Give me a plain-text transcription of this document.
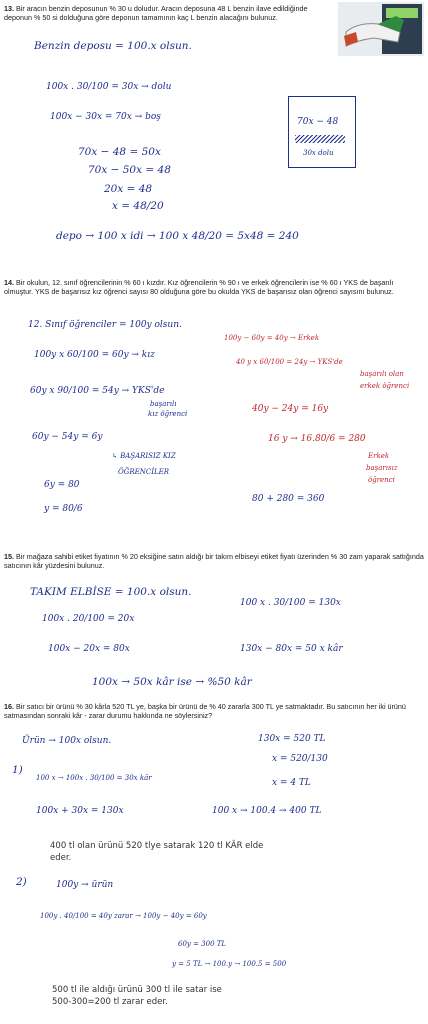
13. Bir aracın benzin deposunun % 30 u doludur. Aracın deposuna 48 L benzin ilave edildiğinde deponun % 50 si dolduğuna göre deponun tamamının kaç L benzin alacağını bulunuz.
Benzin deposu = 100.x olsun.
100x . 30/100 = 30x → dolu
100x − 30x = 70x → boş
70x − 48 = 50x
70x − 50x = 48
20x = 48
x = 48/20
depo → 100 x idi → 100 x 48/20 = 5x48 = 240
70x − 48
30x dolu
14. Bir okulun, 12. sınıf öğrencilerinin % 60 ı kızdır. Kız öğrencilerin % 90 ı ve erkek öğrencilerin ise % 60 ı YKS de başarılı olmuştur. YKS de başarısız kız öğrenci sayısı 80 olduğuna göre bu okulda YKS de başarısız olan öğrenci sayısını bulunuz.
12. Sınıf öğrenciler = 100y olsun.
100y x 60/100 = 60y → kız
60y x 90/100 = 54y → YKS'de
başarılı
kız öğrenci
60y − 54y = 6y
↳ BAŞARISIZ KIZ
ÖĞRENCİLER
6y = 80
y = 80/6
80 + 280 = 360
100y − 60y = 40y → Erkek
40 y x 60/100 = 24y → YKS'de
başarılı olan
erkek öğrenci
40y − 24y = 16y
16 y → 16.80/6 = 280
Erkek
başarısız
öğrenci
15. Bir mağaza sahibi etiket fiyatının % 20 eksiğine satın aldığı bir takım elbiseyi etiket fiyatı üzerinden % 30 zam yaparak sattığında satıcının kâr yüzdesini bulunuz.
TAKIM ELBİSE = 100.x olsun.
100 x . 30/100 = 130x
100x . 20/100 = 20x
100x − 20x = 80x	130x − 80x = 50 x kâr
100x → 50x kâr ise → %50 kâr
16. Bir satıcı bir ürünü % 30 kârla 520 TL ye, başka bir ürünü de % 40 zararla 300 TL ye satmaktadır. Bu satıcının her iki ürünü satmasından sonraki kâr - zarar durumu hakkında ne söylersiniz?
Ürün → 100x olsun.	130x = 520 TL
1)
100 x → 100x . 30/100 = 30x kâr
x = 520/130
x = 4 TL
100x + 30x = 130x	100 x → 100.4 → 400 TL
400 tl olan ürünü 520 tlye satarak 120 tl KÂR elde
eder.
2)	100y → ürün
100y . 40/100 = 40y zarar → 100y − 40y = 60y
60y = 300 TL
y = 5 TL → 100.y → 100.5 = 500
500 tl ile aldığı ürünü 300 tl ile satar ise
500-300=200 tl zarar eder.
